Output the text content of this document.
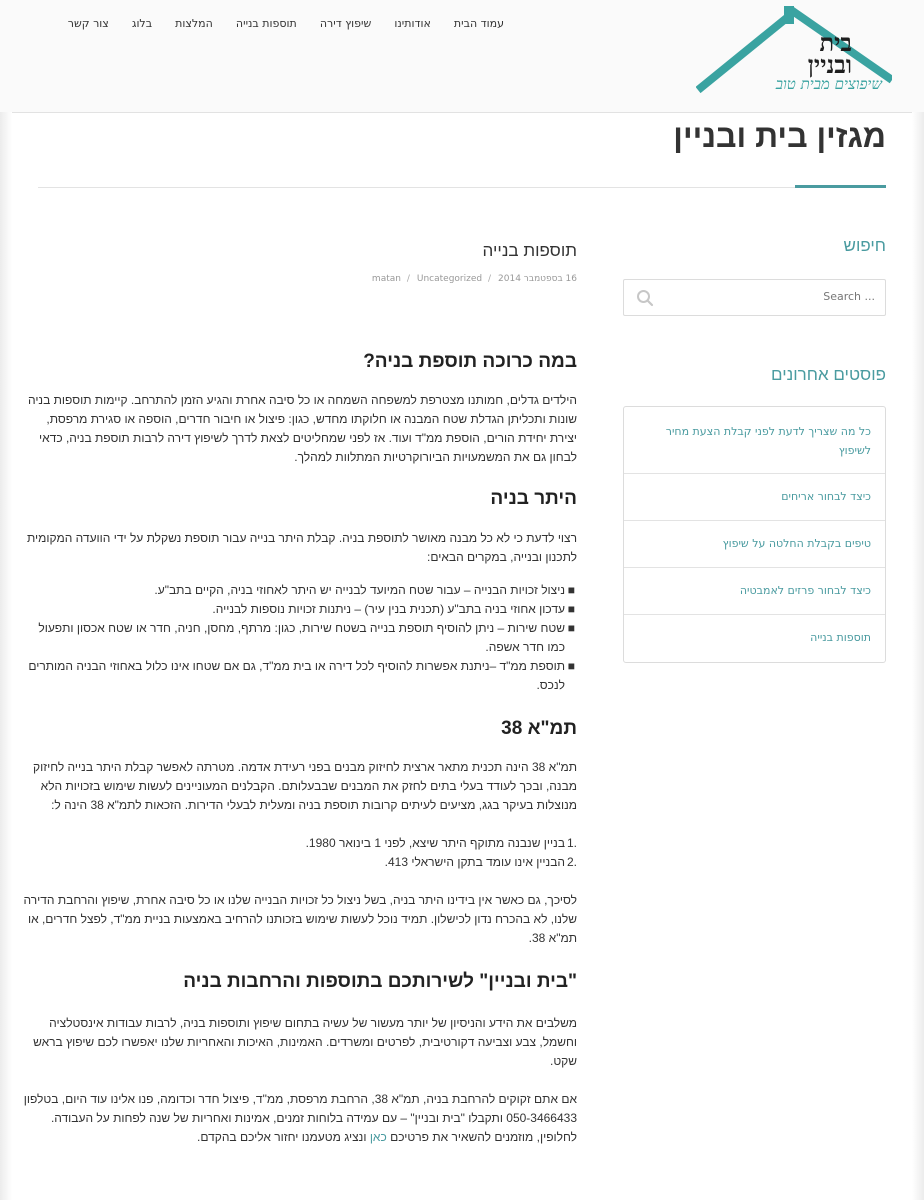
עמוד הבית אודותינו שיפוץ דירה תוספות בנייה המלצות בלוג צור קשר
בית
ובניין
שיפוצים מבית טוב
מגזין בית ובניין
תוספות בנייה
16 בספטמבר 2014/ Uncategorized/ matan
במה כרוכה תוספת בניה?

הילדים גדלים, חמותנו מצטרפת למשפחה השמחה או כל סיבה אחרת והגיע הזמן להתרחב. קיימות תוספות בניה שונות ותכליתן הגדלת שטח המבנה או חלוקתו מחדש, כגון: פיצול או חיבור חדרים, הוספה או סגירת מרפסת, יצירת יחידת הורים, הוספת ממ"ד ועוד. אז לפני שמחליטים לצאת לדרך לשיפוץ דירה לרבות תוספת בניה, כדאי לבחון גם את המשמעויות הביורוקרטיות המתלוות למהלך.

היתר בניה

רצוי לדעת כי לא כל מבנה מאושר לתוספת בניה. קבלת היתר בנייה עבור תוספת נשקלת על ידי הוועדה המקומית לתכנון ובנייה, במקרים הבאים:

■
ניצול זכויות הבנייה – עבור שטח המיועד לבנייה יש היתר לאחוזי בניה, הקיים בתב"ע.
■
עדכון אחוזי בניה בתב"ע (תכנית בנין עיר) – ניתנות זכויות נוספות לבנייה.
■
שטח שירות – ניתן להוסיף תוספת בנייה בשטח שירות, כגון: מרתף, מחסן, חניה, חדר או שטח אכסון ותפעול כמו חדר אשפה.
■
תוספת ממ"ד –ניתנת אפשרות להוסיף לכל דירה או בית ממ"ד, גם אם שטחו אינו כלול באחוזי הבניה המותרים לנכס.
תמ"א 38

תמ"א 38 הינה תכנית מתאר ארצית לחיזוק מבנים בפני רעידת אדמה. מטרתה לאפשר קבלת היתר בנייה לחיזוק מבנה, ובכך לעודד בעלי בתים לחזק את המבנים שבבעלותם. הקבלנים המעוניינים לעשות שימוש בזכויות הלא מנוצלות בעיקר בגג, מציעים לעיתים קרובות תוספת בניה ומעלית לבעלי הדירות. הזכאות לתמ"א 38 הינה ל:

.1
בניין שנבנה מתוקף היתר שיצא, לפני 1 בינואר 1980.
.2
הבניין אינו עומד בתקן הישראלי 413.

לסיכך, גם כאשר אין בידינו היתר בניה, בשל ניצול כל זכויות הבנייה שלנו או כל סיבה אחרת, שיפוץ והרחבת הדירה שלנו, לא בהכרח נדון לכישלון. תמיד נוכל לעשות שימוש בזכותנו להרחיב באמצעות בניית ממ"ד, לפצל חדרים, או תמ"א 38.

"בית ובניין" לשירותכם בתוספות והרחבות בניה

משלבים את הידע והניסיון של יותר מעשור של עשיה בתחום שיפוץ ותוספות בניה, לרבות עבודות אינסטלציה וחשמל, צבע וצביעה דקורטיבית, לפרטים ומשרדים. האמינות, האיכות והאחריות שלנו יאפשרו לכם שיפוץ בראש שקט.

אם אתם זקוקים להרחבת בניה, תמ"א 38, הרחבת מרפסת, ממ"ד, פיצול חדר וכדומה, פנו אלינו עוד היום, בטלפון 050-3466433 ותקבלו "בית ובניין" – עם עמידה בלוחות זמנים, אמינות ואחריות של שנה לפחות על העבודה. לחלופין, מוזמנים להשאיר את פרטיכם כאן ונציג מטעמנו יחזור אליכם בהקדם.

חיפוש
Search ...
פוסטים אחרונים
כל מה שצריך לדעת לפני קבלת הצעת מחיר לשיפוץ
כיצד לבחור אריחים
טיפים בקבלת החלטה על שיפוץ
כיצד לבחור פרזים לאמבטיה
תוספות בנייה
